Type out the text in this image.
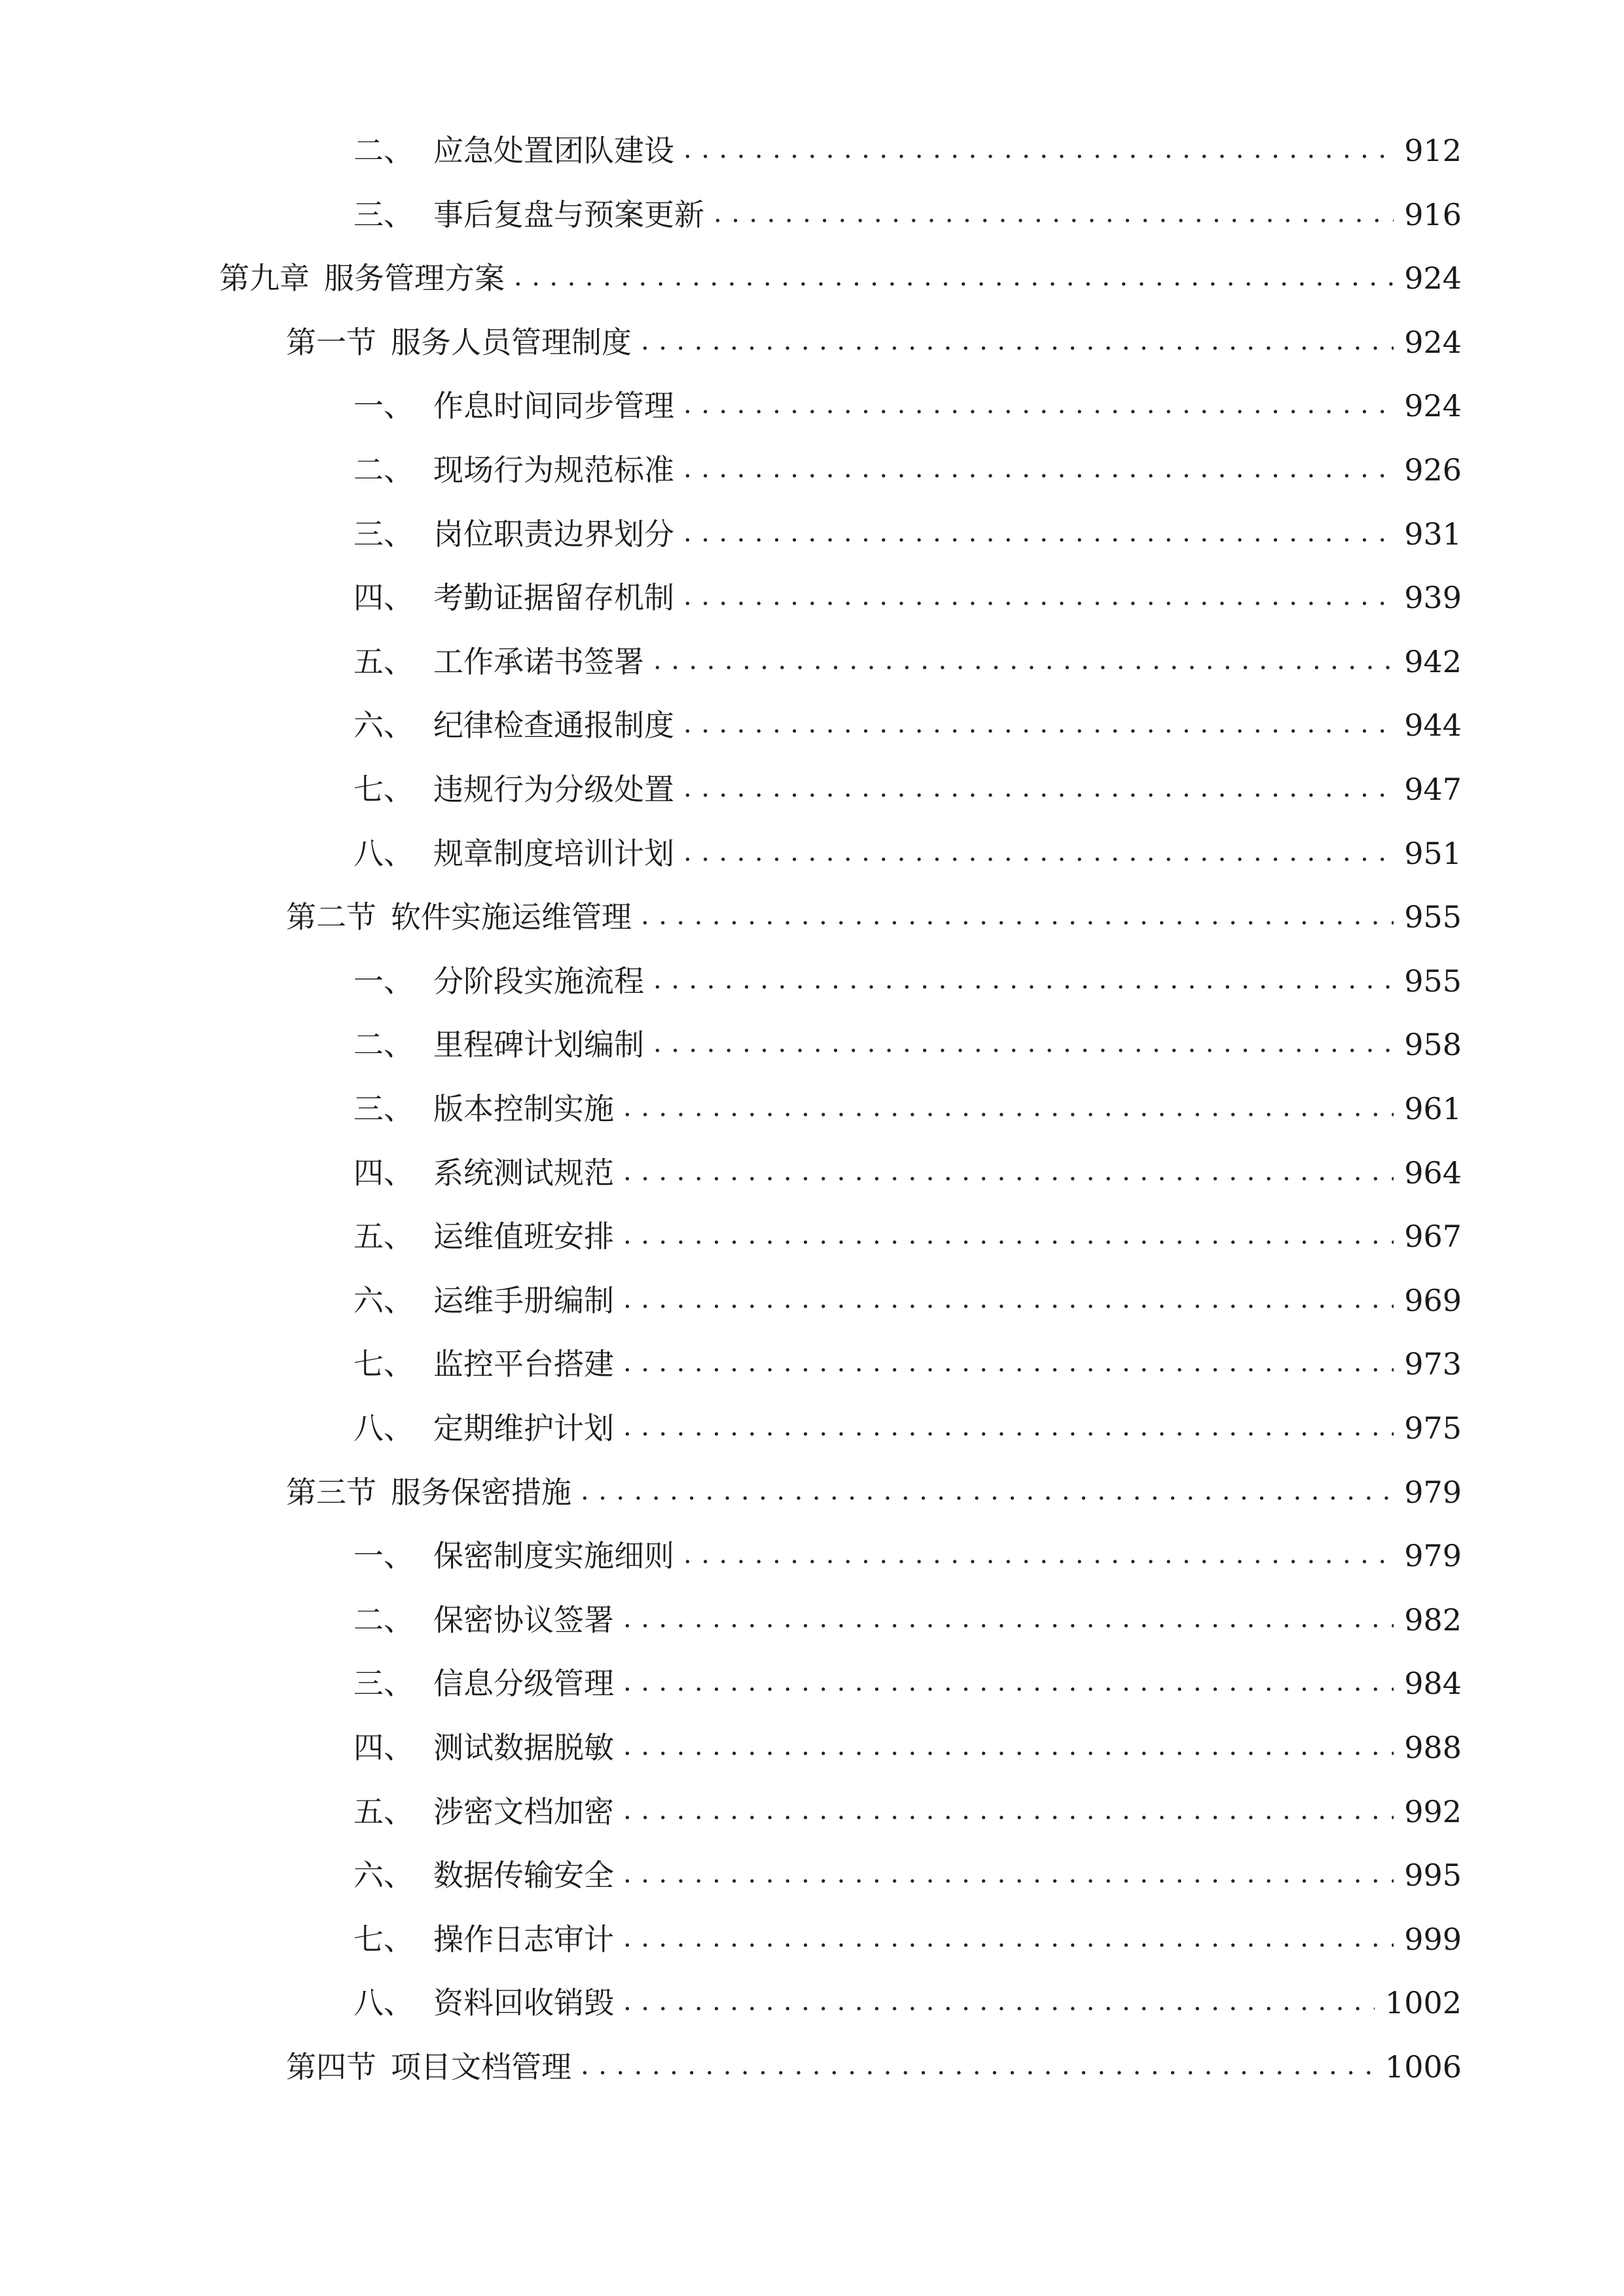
二、 应急处置团队建设 .....	912
三、 事后复盘与预案更新 .....	916
第九章 服务管理方案 .....	924
第一节 服务人员管理制度 .....	924
一、 作息时间同步管理 .....	924
二、 现场行为规范标准 .....	926
三、 岗位职责边界划分 .....	931
四、 考勤证据留存机制 .....	939
五、 工作承诺书签署 .....	942
六、 纪律检查通报制度 .....	944
七、 违规行为分级处置 .....	947
八、 规章制度培训计划 .....	951
第二节 软件实施运维管理 .....	955
一、 分阶段实施流程 .....	955
二、 里程碑计划编制 .....	958
三、 版本控制实施 .....	961
四、 系统测试规范 .....	964
五、 运维值班安排 .....	967
六、 运维手册编制 .....	969
七、 监控平台搭建 .....	973
八、 定期维护计划 .....	975
第三节 服务保密措施 .....	979
一、 保密制度实施细则 .....	979
二、 保密协议签署 .....	982
三、 信息分级管理 .....	984
四、 测试数据脱敏 .....	988
五、 涉密文档加密 .....	992
六、 数据传输安全 .....	995
七、 操作日志审计 .....	999
八、 资料回收销毁 .....	1002
第四节 项目文档管理 .....	1006
